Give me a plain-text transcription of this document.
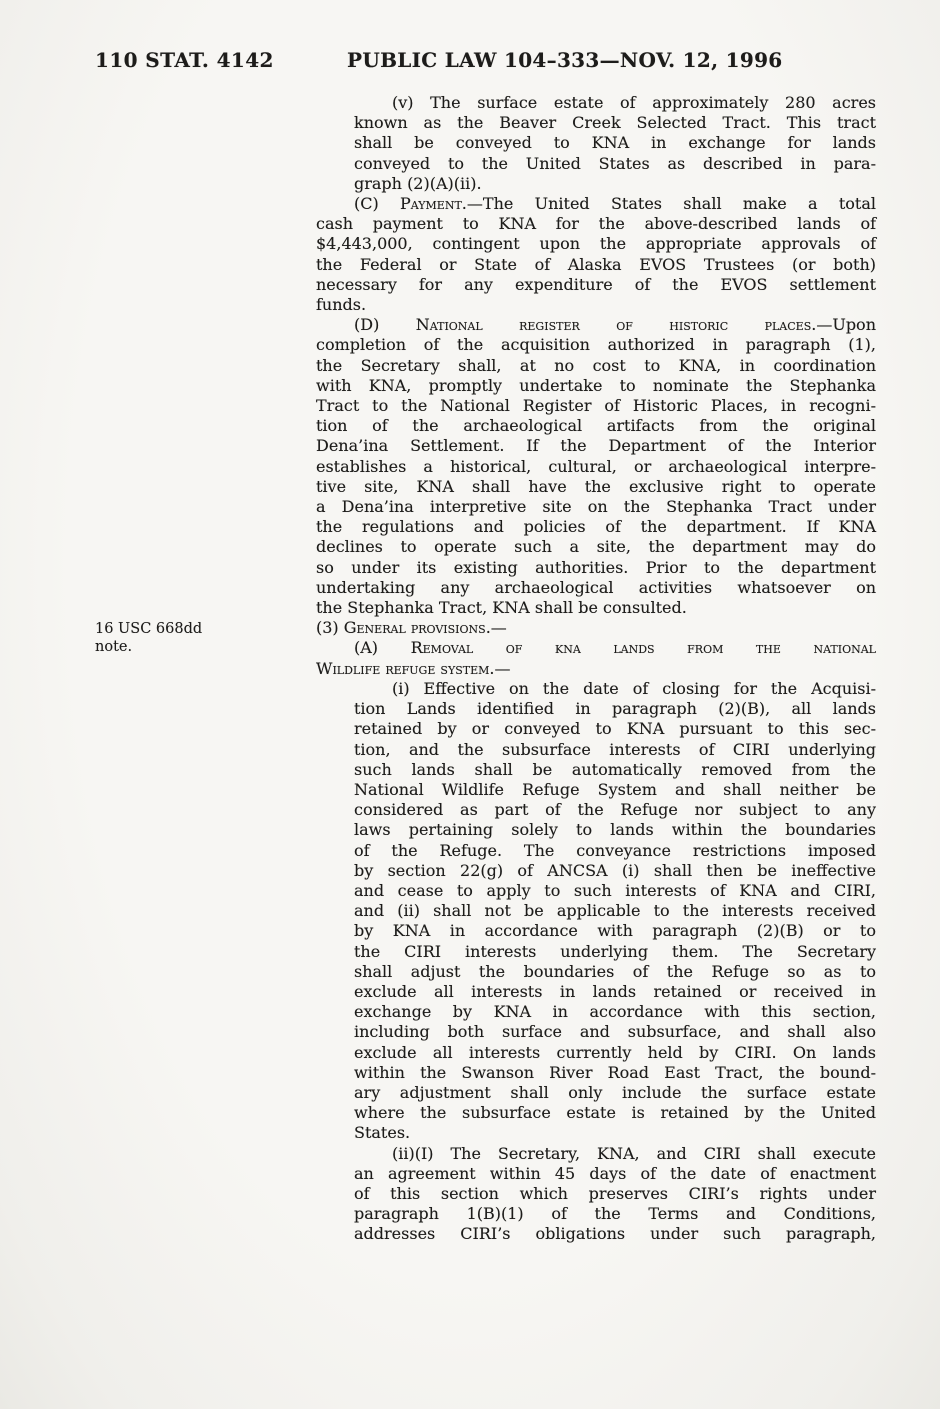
110 STAT. 4142	PUBLIC LAW 104–333—NOV. 12, 1996
16 USC 668dd
note.
(v) The surface estate of approximately 280 acres
known as the Beaver Creek Selected Tract. This tract
shall be conveyed to KNA in exchange for lands
conveyed to the United States as described in para-
graph (2)(A)(ii).
(C) Payment.—The United States shall make a total
cash payment to KNA for the above-described lands of
$4,443,000, contingent upon the appropriate approvals of
the Federal or State of Alaska EVOS Trustees (or both)
necessary for any expenditure of the EVOS settlement
funds.
(D) National register of historic places.—Upon
completion of the acquisition authorized in paragraph (1),
the Secretary shall, at no cost to KNA, in coordination
with KNA, promptly undertake to nominate the Stephanka
Tract to the National Register of Historic Places, in recogni-
tion of the archaeological artifacts from the original
Dena’ina Settlement. If the Department of the Interior
establishes a historical, cultural, or archaeological interpre-
tive site, KNA shall have the exclusive right to operate
a Dena’ina interpretive site on the Stephanka Tract under
the regulations and policies of the department. If KNA
declines to operate such a site, the department may do
so under its existing authorities. Prior to the department
undertaking any archaeological activities whatsoever on
the Stephanka Tract, KNA shall be consulted.
(3) General provisions.—
(A) Removal of kna lands from the national
Wildlife refuge system.—
(i) Effective on the date of closing for the Acquisi-
tion Lands identified in paragraph (2)(B), all lands
retained by or conveyed to KNA pursuant to this sec-
tion, and the subsurface interests of CIRI underlying
such lands shall be automatically removed from the
National Wildlife Refuge System and shall neither be
considered as part of the Refuge nor subject to any
laws pertaining solely to lands within the boundaries
of the Refuge. The conveyance restrictions imposed
by section 22(g) of ANCSA (i) shall then be ineffective
and cease to apply to such interests of KNA and CIRI,
and (ii) shall not be applicable to the interests received
by KNA in accordance with paragraph (2)(B) or to
the CIRI interests underlying them. The Secretary
shall adjust the boundaries of the Refuge so as to
exclude all interests in lands retained or received in
exchange by KNA in accordance with this section,
including both surface and subsurface, and shall also
exclude all interests currently held by CIRI. On lands
within the Swanson River Road East Tract, the bound-
ary adjustment shall only include the surface estate
where the subsurface estate is retained by the United
States.
(ii)(I) The Secretary, KNA, and CIRI shall execute
an agreement within 45 days of the date of enactment
of this section which preserves CIRI’s rights under
paragraph 1(B)(1) of the Terms and Conditions,
addresses CIRI’s obligations under such paragraph,
